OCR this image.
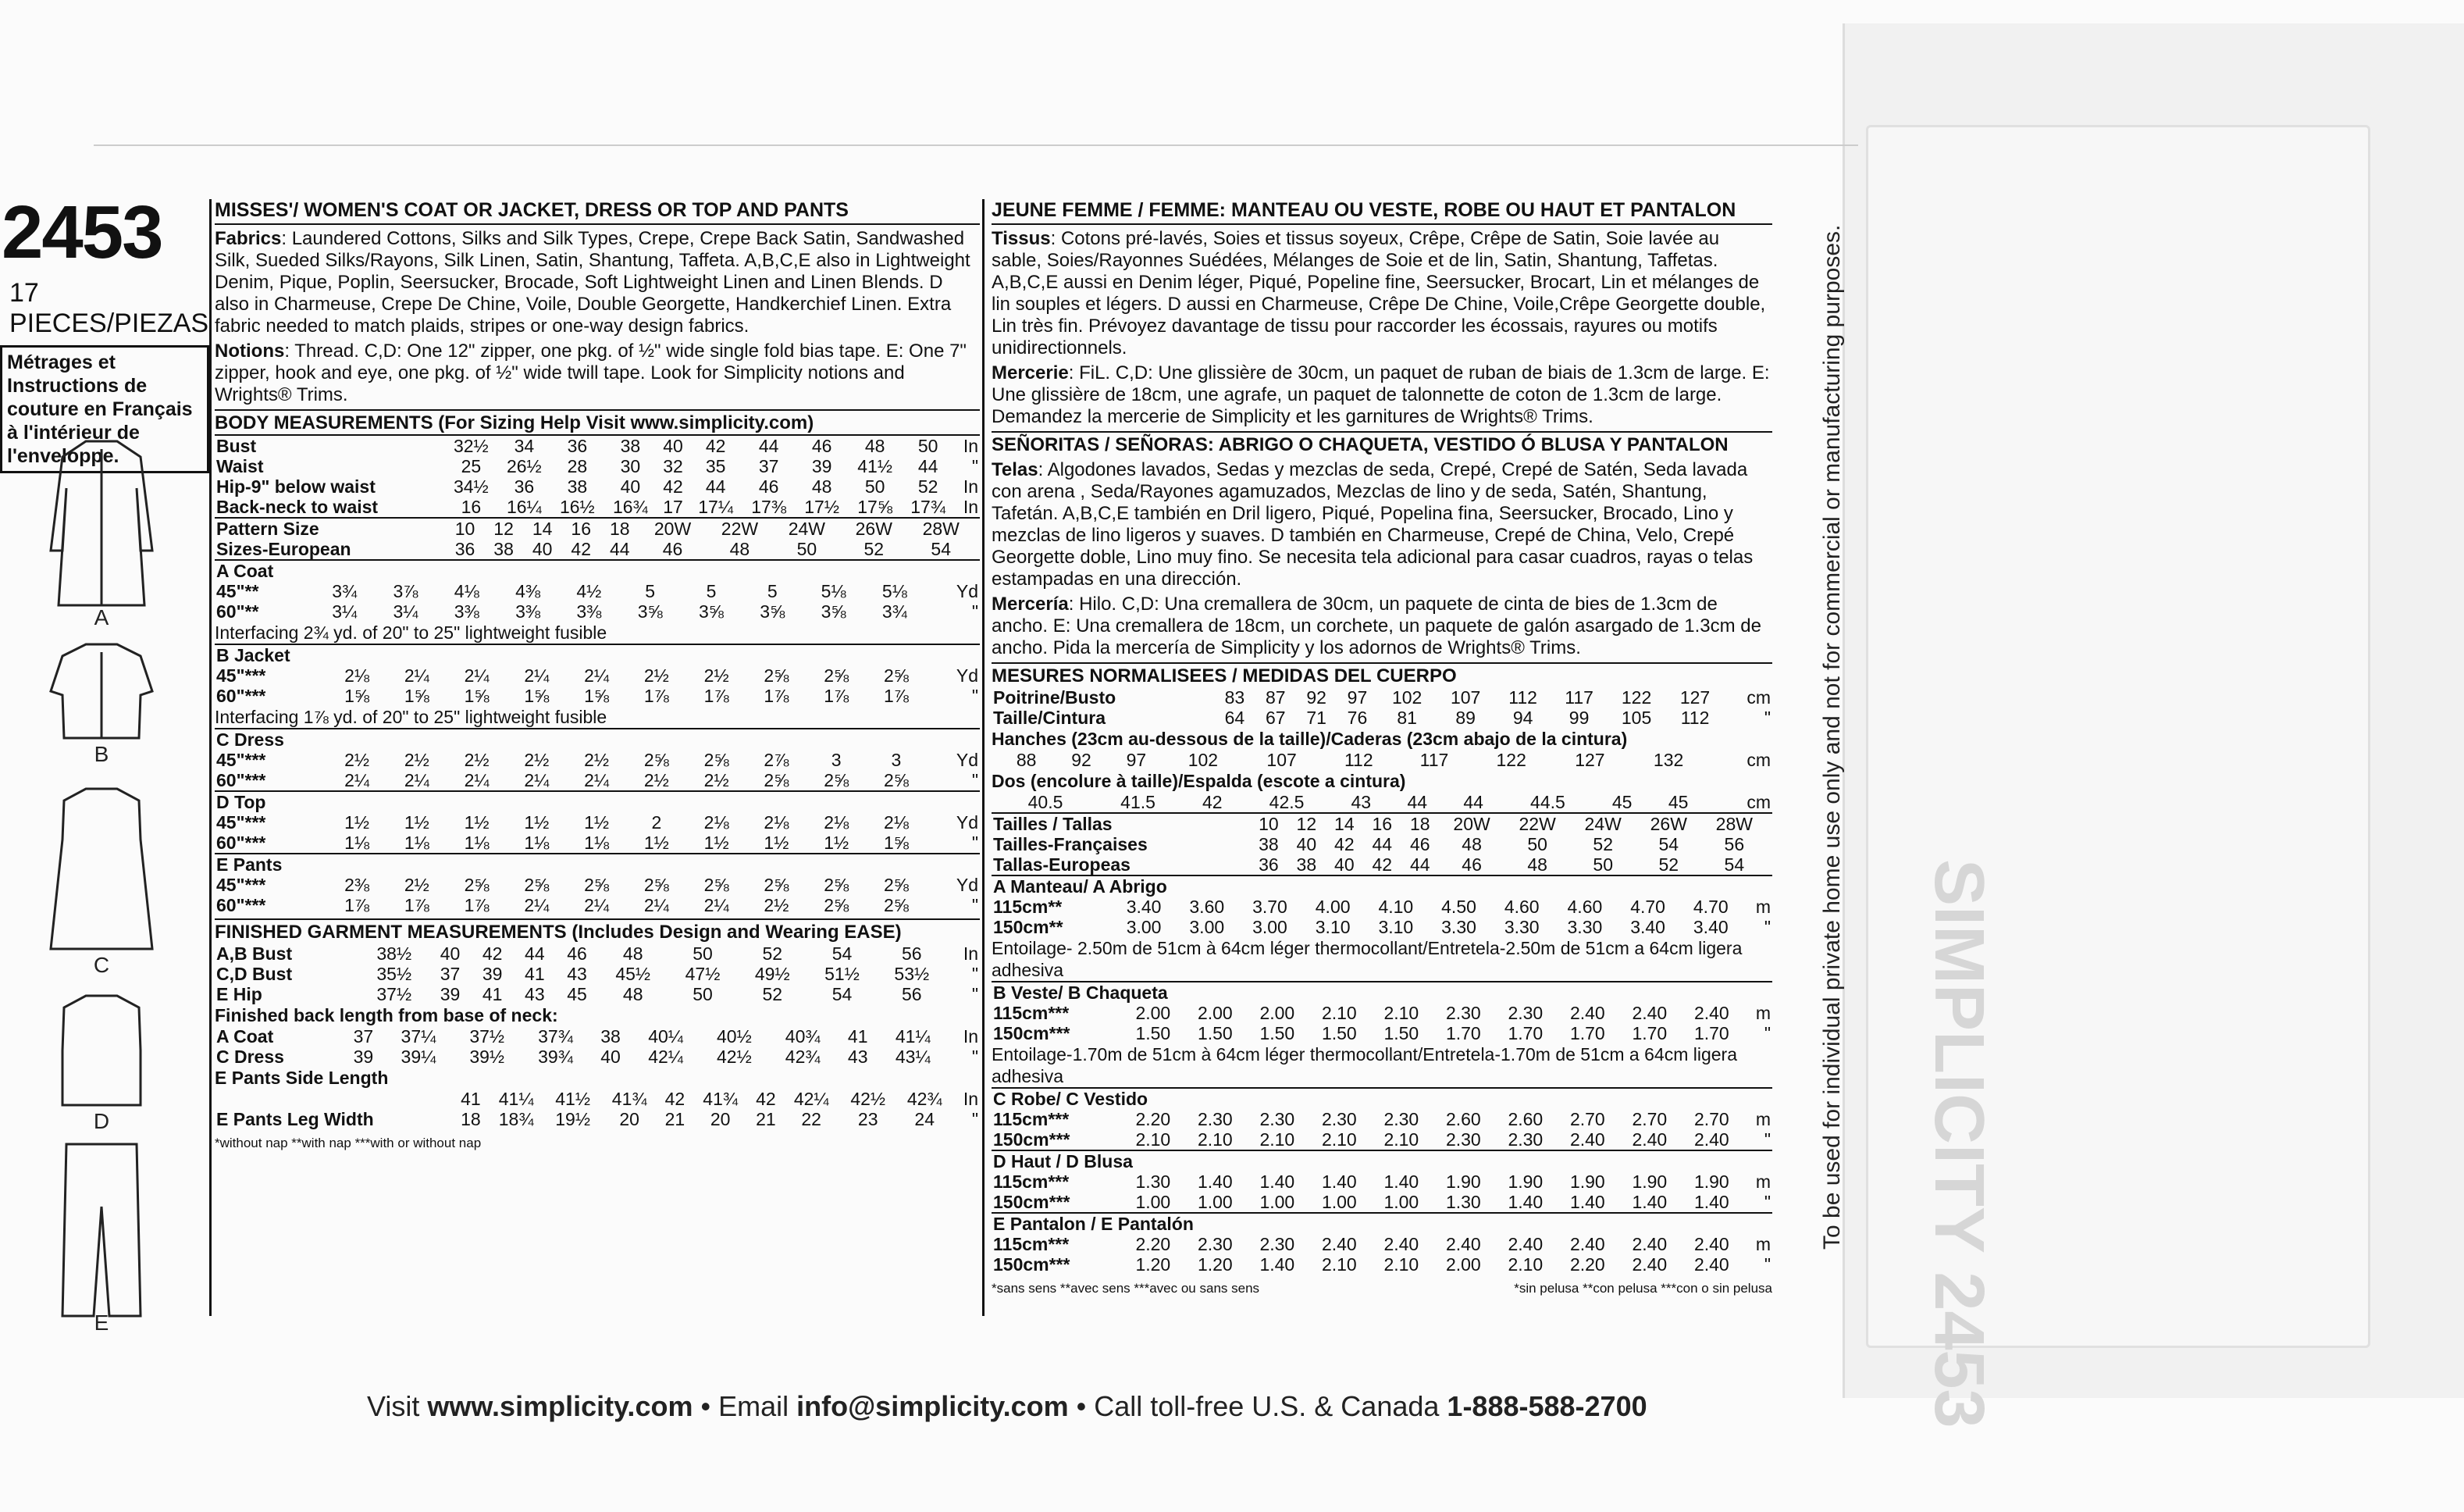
To be used for individual private home use only and not for commercial or manufacturing purposes.
2453
17 PIECES/PIEZAS
Métrages et Instructions de couture en Français à l'intérieur de l'enveloppe.
A
B
C
D
E
MISSES'/ WOMEN'S COAT OR JACKET, DRESS OR TOP AND PANTS
Fabrics: Laundered Cottons, Silks and Silk Types, Crepe, Crepe Back Satin, Sandwashed Silk, Sueded Silks/Rayons, Silk Linen, Satin, Shantung, Taffeta. A,B,C,E also in Lightweight Denim, Pique, Poplin, Seersucker, Brocade, Soft Lightweight Linen and Linen Blends. D also in Charmeuse, Crepe De Chine, Voile, Double Georgette, Handkerchief Linen. Extra fabric needed to match plaids, stripes or one-way design fabrics.
Notions: Thread. C,D: One 12" zipper, one pkg. of ½" wide single fold bias tape. E: One 7" zipper, hook and eye, one pkg. of ½" wide twill tape. Look for Simplicity notions and Wrights® Trims.
BODY MEASUREMENTS (For Sizing Help Visit www.simplicity.com)
Bust	32½	34	36	38	40	42	44	46	48	50	In
Waist	25	26½	28	30	32	35	37	39	41½	44	"
Hip-9" below waist	34½	36	38	40	42	44	46	48	50	52	In
Back-neck to waist	16	16¼	16½	16¾	17	17¼	17⅜	17½	17⅝	17¾	In
Pattern Size	10	12	14	16	18	20W	22W	24W	26W	28W	
Sizes-European	36	38	40	42	44	46	48	50	52	54	
A Coat											
45"**	3¾	3⅞	4⅛	4⅜	4½	5	5	5	5⅛	5⅛	Yd
60"**	3¼	3¼	3⅜	3⅜	3⅜	3⅝	3⅝	3⅝	3⅝	3¾	"
Interfacing 2¾ yd. of 20" to 25" lightweight fusible
B Jacket											
45"***	2⅛	2¼	2¼	2¼	2¼	2½	2½	2⅝	2⅝	2⅝	Yd
60"***	1⅝	1⅝	1⅝	1⅝	1⅝	1⅞	1⅞	1⅞	1⅞	1⅞	"
Interfacing 1⅞ yd. of 20" to 25" lightweight fusible
C Dress											
45"***	2½	2½	2½	2½	2½	2⅝	2⅝	2⅞	3	3	Yd
60"***	2¼	2¼	2¼	2¼	2¼	2½	2½	2⅝	2⅝	2⅝	"
D Top											
45"***	1½	1½	1½	1½	1½	2	2⅛	2⅛	2⅛	2⅛	Yd
60"***	1⅛	1⅛	1⅛	1⅛	1⅛	1½	1½	1½	1½	1⅝	"
E Pants											
45"***	2⅜	2½	2⅝	2⅝	2⅝	2⅝	2⅝	2⅝	2⅝	2⅝	Yd
60"***	1⅞	1⅞	1⅞	2¼	2¼	2¼	2¼	2½	2⅝	2⅝	"
FINISHED GARMENT MEASUREMENTS (Includes Design and Wearing EASE)
A,B Bust	38½	40	42	44	46	48	50	52	54	56	In
C,D Bust	35½	37	39	41	43	45½	47½	49½	51½	53½	"
E Hip	37½	39	41	43	45	48	50	52	54	56	"
Finished back length from base of neck:
A Coat	37	37¼	37½	37¾	38	40¼	40½	40¾	41	41¼	In
C Dress	39	39¼	39½	39¾	40	42¼	42½	42¾	43	43¼	"
E Pants Side Length
	41	41¼	41½	41¾	42	41¾	42	42¼	42½	42¾	In
E Pants Leg Width	18	18¾	19½	20	21	20	21	22	23	24	"
*without nap **with nap ***with or without nap
JEUNE FEMME / FEMME: MANTEAU OU VESTE, ROBE OU HAUT ET PANTALON
Tissus: Cotons pré-lavés, Soies et tissus soyeux, Crêpe, Crêpe de Satin, Soie lavée au sable, Soies/Rayonnes Suédées, Mélanges de Soie et de lin, Satin, Shantung, Taffetas. A,B,C,E aussi en Denim léger, Piqué, Popeline fine, Seersucker, Brocart, Lin et mélanges de lin souples et légers. D aussi en Charmeuse, Crêpe De Chine, Voile,Crêpe Georgette double, Lin très fin. Prévoyez davantage de tissu pour raccorder les écossais, rayures ou motifs unidirectionnels.
Mercerie: FiL. C,D: Une glissière de 30cm, un paquet de ruban de biais de 1.3cm de large. E: Une glissière de 18cm, une agrafe, un paquet de talonnette de coton de 1.3cm de large. Demandez la mercerie de Simplicity et les garnitures de Wrights® Trims.
SEÑORITAS / SEÑORAS: ABRIGO O CHAQUETA, VESTIDO Ó BLUSA Y PANTALON
Telas: Algodones lavados, Sedas y mezclas de seda, Crepé, Crepé de Satén, Seda lavada con arena , Seda/Rayones agamuzados, Mezclas de lino y de seda, Satén, Shantung, Tafetán. A,B,C,E también en Dril ligero, Piqué, Popelina fina, Seersucker, Brocado, Lino y mezclas de lino ligeros y suaves. D también en Charmeuse, Crepé de China, Velo, Crepé Georgette doble, Lino muy fino. Se necesita tela adicional para casar cuadros, rayas o telas estampadas en una dirección.
Mercería: Hilo. C,D: Una cremallera de 30cm, un paquete de cinta de bies de 1.3cm de ancho. E: Una cremallera de 18cm, un corchete, un paquete de galón asargado de 1.3cm de ancho. Pida la mercería de Simplicity y los adornos de Wrights® Trims.
MESURES NORMALISEES / MEDIDAS DEL CUERPO
Poitrine/Busto	83	87	92	97	102	107	112	117	122	127	cm
Taille/Cintura	64	67	71	76	81	89	94	99	105	112	"
Hanches (23cm au-dessous de la taille)/Caderas (23cm abajo de la cintura)
	88	92	97	102	107	112	117	122	127	132	cm
Dos (encolure à taille)/Espalda (escote a cintura)
	40.5	41.5	42	42.5	43	44	44	44.5	45	45	cm
Tailles / Tallas	10	12	14	16	18	20W	22W	24W	26W	28W	
Tailles-Françaises	38	40	42	44	46	48	50	52	54	56	
Tallas-Europeas	36	38	40	42	44	46	48	50	52	54	
A Manteau/ A Abrigo											
115cm**	3.40	3.60	3.70	4.00	4.10	4.50	4.60	4.60	4.70	4.70	m
150cm**	3.00	3.00	3.00	3.10	3.10	3.30	3.30	3.30	3.40	3.40	"
Entoilage- 2.50m de 51cm à 64cm léger thermocollant/Entretela-2.50m de 51cm a 64cm ligera adhesiva
B Veste/ B Chaqueta											
115cm***	2.00	2.00	2.00	2.10	2.10	2.30	2.30	2.40	2.40	2.40	m
150cm***	1.50	1.50	1.50	1.50	1.50	1.70	1.70	1.70	1.70	1.70	"
Entoilage-1.70m de 51cm à 64cm léger thermocollant/Entretela-1.70m de 51cm a 64cm ligera adhesiva
C Robe/ C Vestido											
115cm***	2.20	2.30	2.30	2.30	2.30	2.60	2.60	2.70	2.70	2.70	m
150cm***	2.10	2.10	2.10	2.10	2.10	2.30	2.30	2.40	2.40	2.40	"
D Haut / D Blusa											
115cm***	1.30	1.40	1.40	1.40	1.40	1.90	1.90	1.90	1.90	1.90	m
150cm***	1.00	1.00	1.00	1.00	1.00	1.30	1.40	1.40	1.40	1.40	"
E Pantalon / E Pantalón											
115cm***	2.20	2.30	2.30	2.40	2.40	2.40	2.40	2.40	2.40	2.40	m
150cm***	1.20	1.20	1.40	2.10	2.10	2.00	2.10	2.20	2.40	2.40	"
*sans sens **avec sens ***avec ou sans sens	*sin pelusa **con pelusa ***con o sin pelusa
Visit www.simplicity.com • Email info@simplicity.com • Call toll-free U.S. & Canada 1-888-588-2700
